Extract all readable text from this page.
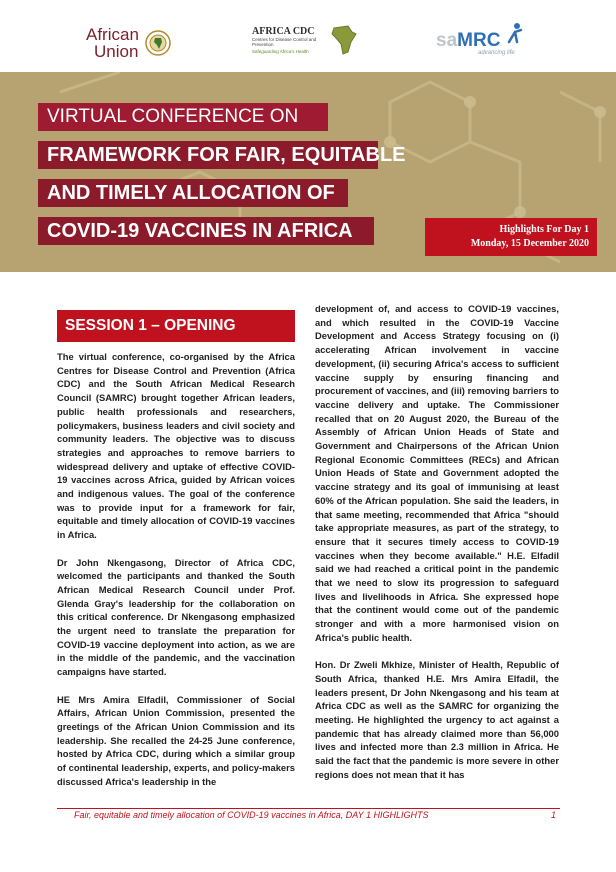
African
Union
AFRICA CDC
Centres for Disease Control and Prevention
Safeguarding Africa's Health
saMRC
advancing life
VIRTUAL CONFERENCE ON
FRAMEWORK FOR FAIR, EQUITABLE
AND TIMELY ALLOCATION OF
COVID-19 VACCINES IN AFRICA	Highlights For Day 1
Monday, 15 December 2020
SESSION 1 – OPENING

The virtual conference, co-organised by the Africa Centres for Disease Control and Prevention (Africa CDC) and the South African Medical Research Council (SAMRC) brought together African leaders, public health professionals and researchers, policymakers, business leaders and civil society and community leaders. The objective was to discuss strategies and approaches to remove barriers to widespread delivery and uptake of effective COVID-19 vaccines across Africa, guided by African voices and indigenous values. The goal of the conference was to provide input for a framework for fair, equitable and timely allocation of COVID-19 vaccines in Africa.

Dr John Nkengasong, Director of Africa CDC, welcomed the participants and thanked the South African Medical Research Council under Prof. Glenda Gray's leadership for the collaboration on this critical conference. Dr Nkengasong emphasized the urgent need to translate the preparation for COVID-19 vaccine deployment into action, as we are in the middle of the pandemic, and the vaccination campaigns have started.

HE Mrs Amira Elfadil, Commissioner of Social Affairs, African Union Commission, presented the greetings of the African Union Commission and its leadership. She recalled the 24-25 June conference, hosted by Africa CDC, during which a similar group of continental leadership, experts, and policy-makers discussed Africa's leadership in the

development of, and access to COVID-19 vaccines, and which resulted in the COVID-19 Vaccine Development and Access Strategy focusing on (i) accelerating African involvement in vaccine development, (ii) securing Africa's access to sufficient vaccine supply by ensuring financing and procurement of vaccines, and (iii) removing barriers to vaccine delivery and uptake. The Commissioner recalled that on 20 August 2020, the Bureau of the Assembly of African Union Heads of State and Government and Chairpersons of the African Union Regional Economic Committees (RECs) and African Union Heads of State and Government adopted the vaccine strategy and its goal of immunising at least 60% of the African population. She said the leaders, in that same meeting, recommended that Africa "should take appropriate measures, as part of the strategy, to ensure that it secures timely access to COVID-19 vaccines when they become available." H.E. Elfadil said we had reached a critical point in the pandemic that we need to slow its progression to safeguard lives and livelihoods in Africa. She expressed hope that the continent would come out of the pandemic stronger and with a more harmonised vision on Africa's public health.

Hon. Dr Zweli Mkhize, Minister of Health, Republic of South Africa, thanked H.E. Mrs Amira Elfadil, the leaders present, Dr John Nkengasong and his team at Africa CDC as well as the SAMRC for organizing the meeting. He highlighted the urgency to act against a pandemic that has already claimed more than 56,000 lives and infected more than 2.3 million in Africa. He said the fact that the pandemic is more severe in other regions does not mean that it has

Fair, equitable and timely allocation of COVID-19 vaccines in Africa, DAY 1 HIGHLIGHTS	1
